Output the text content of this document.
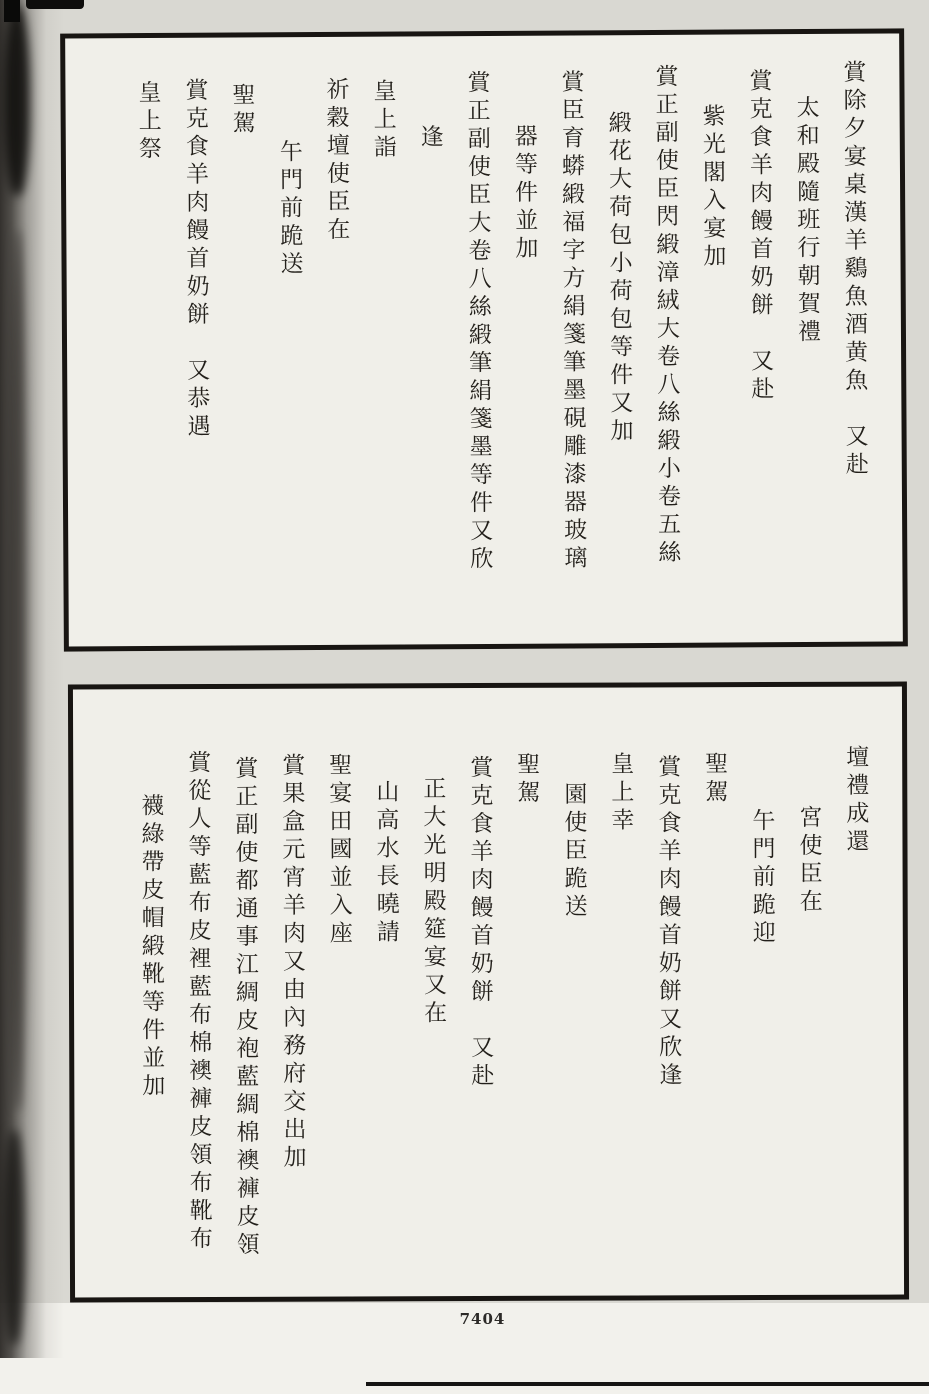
賞除夕宴桌漢羊鷄魚酒黄魚　又赴
太和殿隨班行朝賀禮
賞克食羊肉饅首奶餅　又赴
紫光閣入宴加
賞正副使臣閃緞漳絨大卷八絲緞小卷五絲
緞花大荷包小荷包等件又加
賞臣育蟒緞福字方絹箋筆墨硯雕漆器玻璃
器等件並加
賞正副使臣大卷八絲緞筆絹箋墨等件又欣
逢
皇上詣
祈穀壇使臣在
午門前跪送
聖駕
賞克食羊肉饅首奶餅　又恭遇
皇上祭
壇禮成還
宮使臣在
午門前跪迎
聖駕
賞克食羊肉饅首奶餅又欣逢
皇上幸
園使臣跪送
聖駕
賞克食羊肉饅首奶餅　又赴
正大光明殿筵宴又在
山高水長曉請
聖宴田國並入座
賞果盒元宵羊肉又由內務府交出加
賞正副使都通事江綢皮袍藍綢棉襖褲皮領
賞從人等藍布皮裡藍布棉襖褲皮領布靴布
襪綠帶皮帽緞靴等件並加
7404
